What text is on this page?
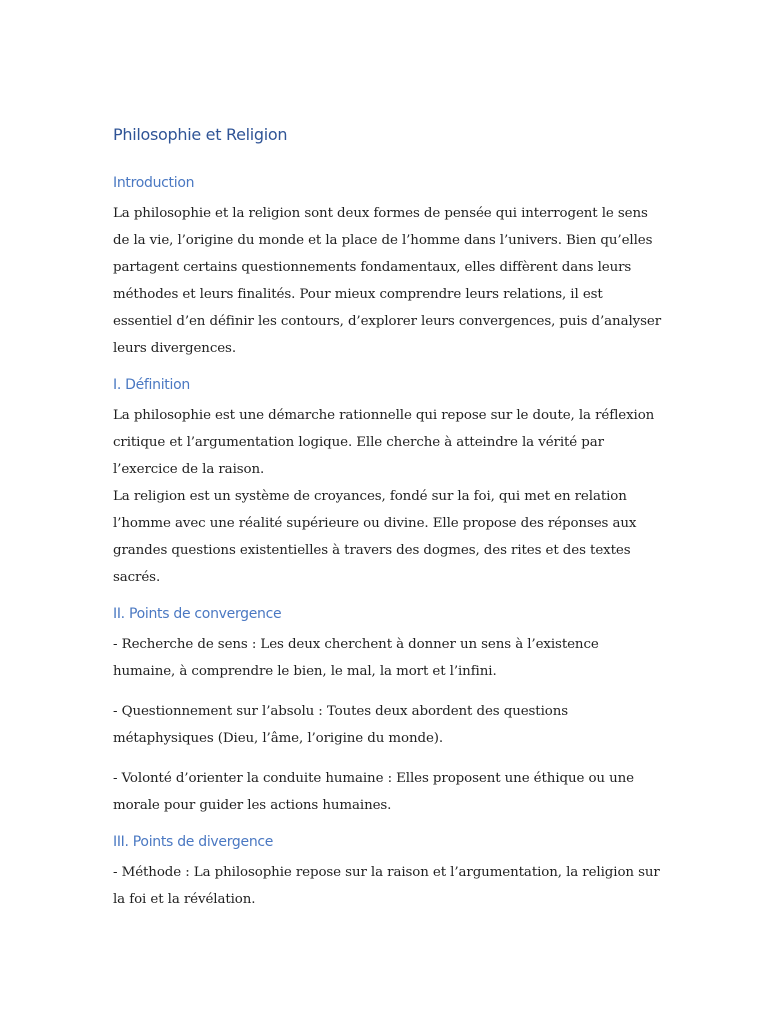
Philosophie et Religion
Introduction

La philosophie et la religion sont deux formes de pensée qui interrogent le sens de la vie, l’origine du monde et la place de l’homme dans l’univers. Bien qu’elles partagent certains questionnements fondamentaux, elles diffèrent dans leurs méthodes et leurs finalités. Pour mieux comprendre leurs relations, il est essentiel d’en définir les contours, d’explorer leurs convergences, puis d’analyser leurs divergences.

I. Définition

La philosophie est une démarche rationnelle qui repose sur le doute, la réflexion critique et l’argumentation logique. Elle cherche à atteindre la vérité par l’exercice de la raison.

La religion est un système de croyances, fondé sur la foi, qui met en relation l’homme avec une réalité supérieure ou divine. Elle propose des réponses aux grandes questions existentielles à travers des dogmes, des rites et des textes sacrés.

II. Points de convergence

- Recherche de sens : Les deux cherchent à donner un sens à l’existence humaine, à comprendre le bien, le mal, la mort et l’infini.

- Questionnement sur l’absolu : Toutes deux abordent des questions métaphysiques (Dieu, l’âme, l’origine du monde).

- Volonté d’orienter la conduite humaine : Elles proposent une éthique ou une morale pour guider les actions humaines.

III. Points de divergence

- Méthode : La philosophie repose sur la raison et l’argumentation, la religion sur la foi et la révélation.
